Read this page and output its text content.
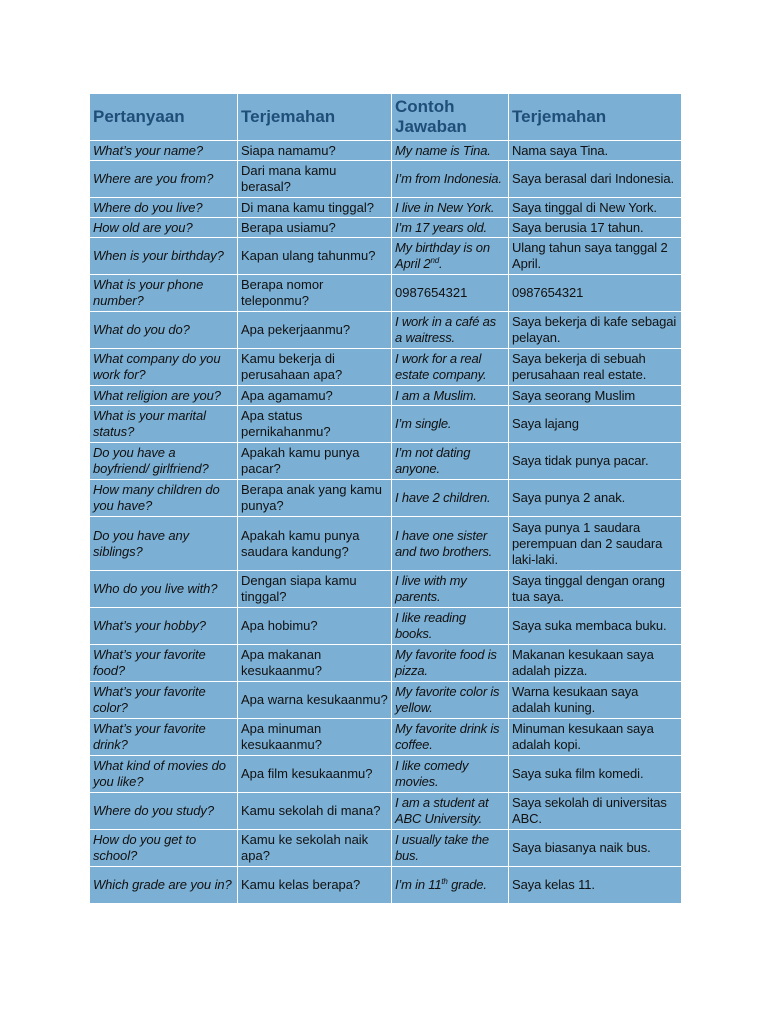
Pertanyaan	Terjemahan	Contoh Jawaban	Terjemahan
What’s your name?	Siapa namamu?	My name is Tina.	Nama saya Tina.
Where are you from?	Dari mana kamu berasal?	I’m from Indonesia.	Saya berasal dari Indonesia.
Where do you live?	Di mana kamu tinggal?	I live in New York.	Saya tinggal di New York.
How old are you?	Berapa usiamu?	I’m 17 years old.	Saya berusia 17 tahun.
When is your birthday?	Kapan ulang tahunmu?	My birthday is on April 2nd.	Ulang tahun saya tanggal 2 April.
What is your phone number?	Berapa nomor teleponmu?	0987654321	0987654321
What do you do?	Apa pekerjaanmu?	I work in a café as a waitress.	Saya bekerja di kafe sebagai pelayan.
What company do you work for?	Kamu bekerja di perusahaan apa?	I work for a real estate company.	Saya bekerja di sebuah perusahaan real estate.
What religion are you?	Apa agamamu?	I am a Muslim.	Saya seorang Muslim
What is your marital status?	Apa status pernikahanmu?	I’m single.	Saya lajang
Do you have a boyfriend/ girlfriend?	Apakah kamu punya pacar?	I’m not dating anyone.	Saya tidak punya pacar.
How many children do you have?	Berapa anak yang kamu punya?	I have 2 children.	Saya punya 2 anak.
Do you have any siblings?	Apakah kamu punya saudara kandung?	I have one sister and two brothers.	Saya punya 1 saudara perempuan dan 2 saudara laki-laki.
Who do you live with?	Dengan siapa kamu tinggal?	I live with my parents.	Saya tinggal dengan orang tua saya.
What’s your hobby?	Apa hobimu?	I like reading books.	Saya suka membaca buku.
What’s your favorite food?	Apa makanan kesukaanmu?	My favorite food is pizza.	Makanan kesukaan saya adalah pizza.
What’s your favorite color?	Apa warna kesukaanmu?	My favorite color is yellow.	Warna kesukaan saya adalah kuning.
What’s your favorite drink?	Apa minuman kesukaanmu?	My favorite drink is coffee.	Minuman kesukaan saya adalah kopi.
What kind of movies do you like?	Apa film kesukaanmu?	I like comedy movies.	Saya suka film komedi.
Where do you study?	Kamu sekolah di mana?	I am a student at ABC University.	Saya sekolah di universitas ABC.
How do you get to school?	Kamu ke sekolah naik apa?	I usually take the bus.	Saya biasanya naik bus.
Which grade are you in?	Kamu kelas berapa?	I’m in 11th grade.	Saya kelas 11.
